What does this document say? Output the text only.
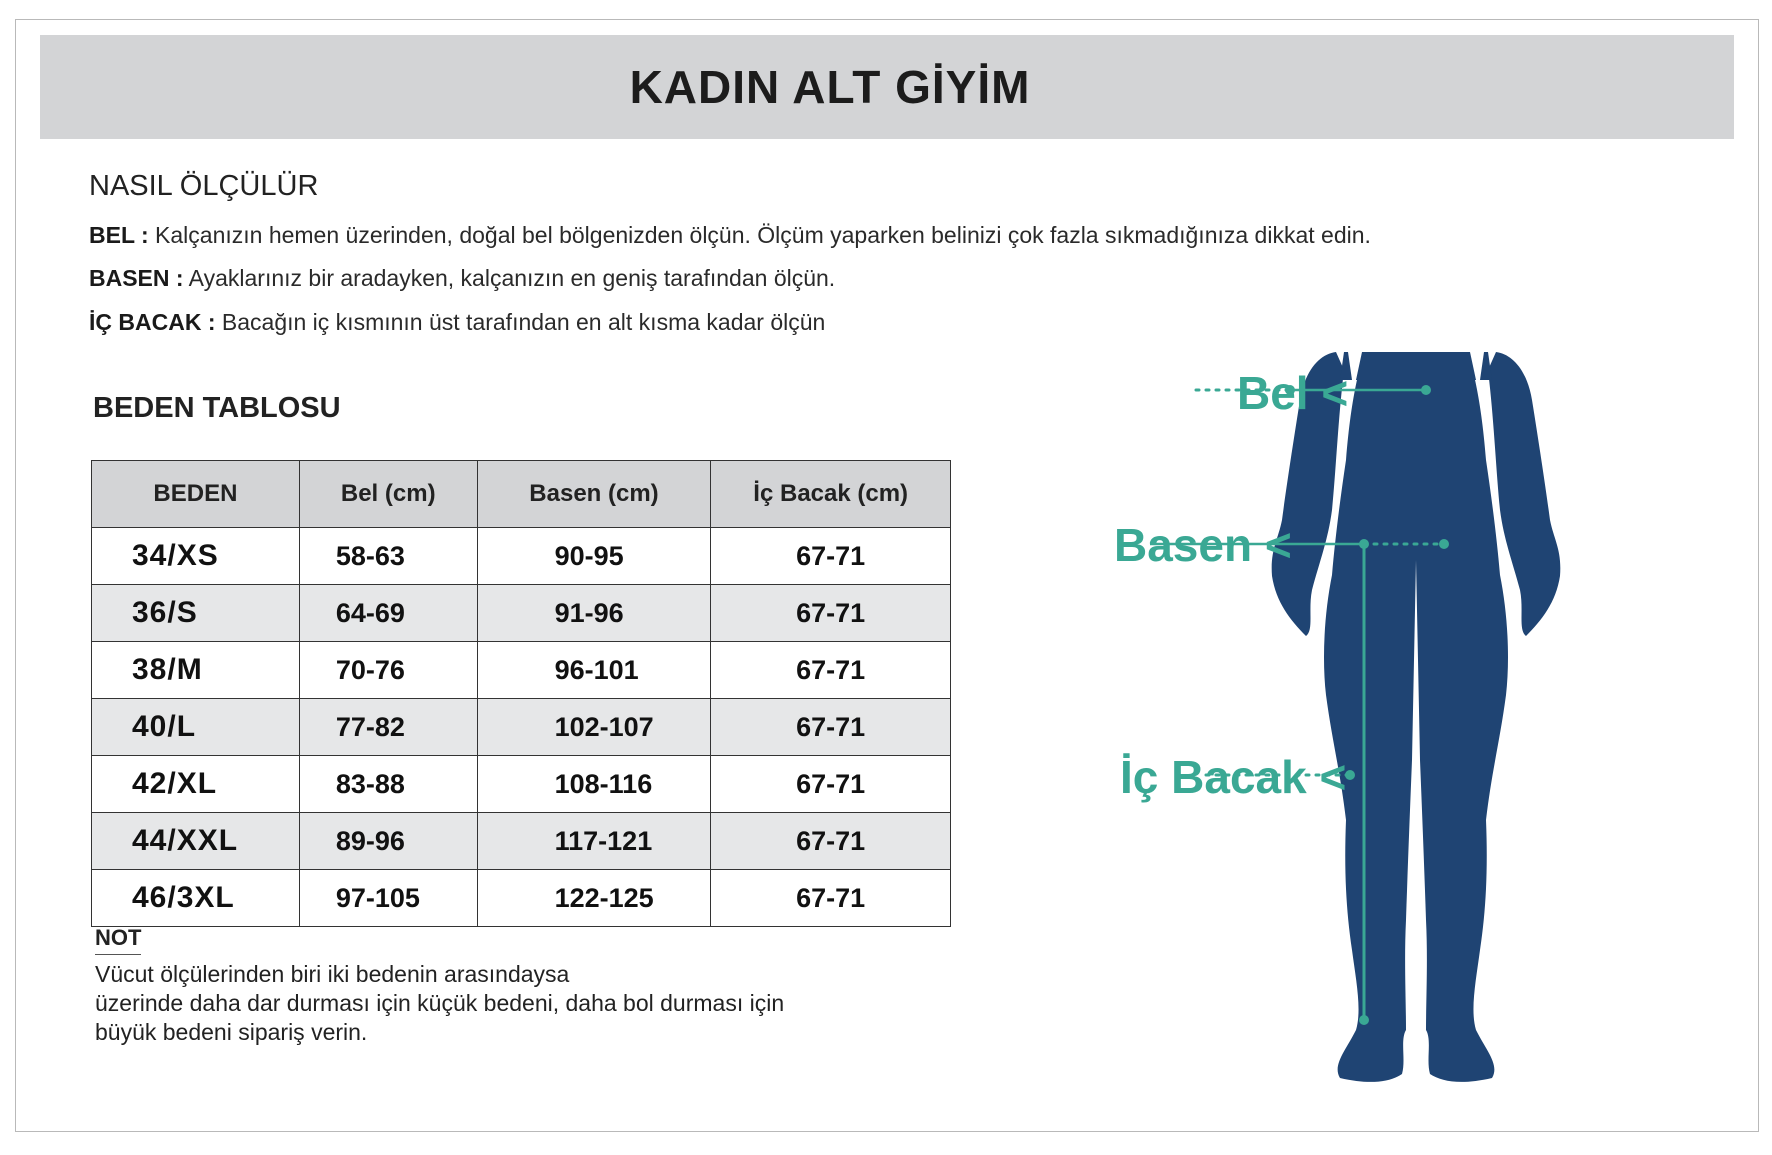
KADIN ALT GİYİM
NASIL ÖLÇÜLÜR
BEL : Kalçanızın hemen üzerinden, doğal bel bölgenizden ölçün. Ölçüm yaparken belinizi çok fazla sıkmadığınıza dikkat edin.
BASEN : Ayaklarınız bir aradayken, kalçanızın en geniş tarafından ölçün.
İÇ BACAK : Bacağın iç kısmının üst tarafından en alt kısma kadar ölçün
BEDEN TABLOSU
BEDEN	Bel (cm)	Basen (cm)	İç Bacak (cm)
34/XS	58-63	90-95	67-71
36/S	64-69	91-96	67-71
38/M	70-76	96-101	67-71
40/L	77-82	102-107	67-71
42/XL	83-88	108-116	67-71
44/XXL	89-96	117-121	67-71
46/3XL	97-105	122-125	67-71
NOT
Vücut ölçülerinden biri iki bedenin arasındaysa
üzerinde daha dar durması için küçük bedeni, daha bol durması için
büyük bedeni sipariş verin.
Bel <
Basen <
İç Bacak <
